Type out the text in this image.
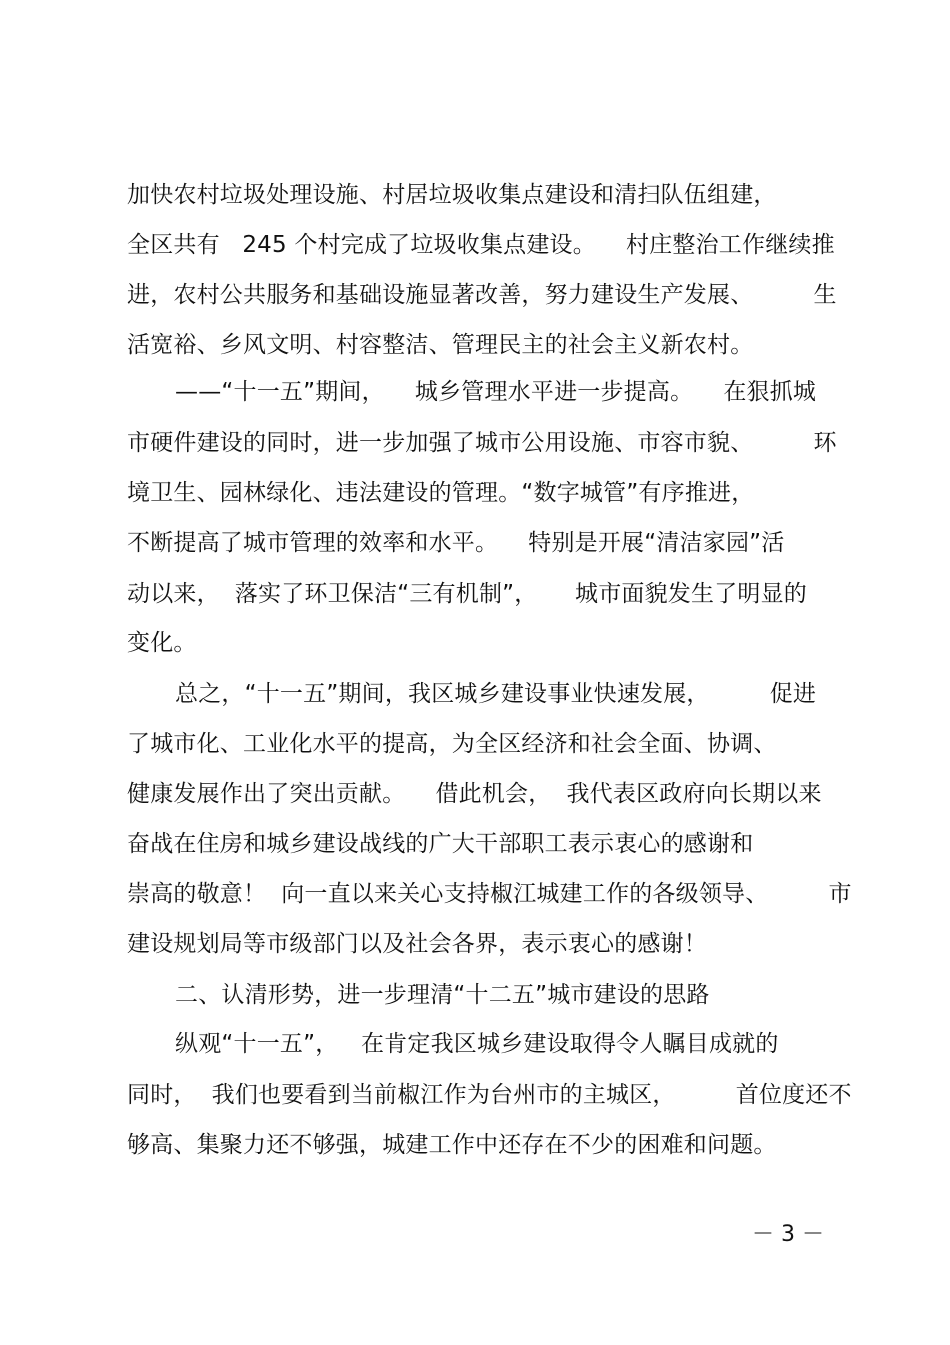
加快农村垃圾处理设施、村居垃圾收集点建设和清扫队伍组建，
全区共有   245 个村完成了垃圾收集点建设。    村庄整治工作继续推
进，农村公共服务和基础设施显著改善，努力建设生产发展、        生
活宽裕、乡风文明、村容整洁、管理民主的社会主义新农村。
——“十一五”期间，    城乡管理水平进一步提高。    在狠抓城
市硬件建设的同时，进一步加强了城市公用设施、市容市貌、        环
境卫生、园林绿化、违法建设的管理。“数字城管”有序推进，
不断提高了城市管理的效率和水平。    特别是开展“清洁家园”活
动以来，  落实了环卫保洁“三有机制”，     城市面貌发生了明显的
变化。
总之，“十一五”期间，我区城乡建设事业快速发展，        促进
了城市化、工业化水平的提高，为全区经济和社会全面、协调、
健康发展作出了突出贡献。    借此机会，  我代表区政府向长期以来
奋战在住房和城乡建设战线的广大干部职工表示衷心的感谢和
崇高的敬意！  向一直以来关心支持椒江城建工作的各级领导、        市
建设规划局等市级部门以及社会各界，表示衷心的感谢！
二、认清形势，进一步理清“十二五”城市建设的思路
纵观“十一五”，   在肯定我区城乡建设取得令人瞩目成就的
同时，  我们也要看到当前椒江作为台州市的主城区，        首位度还不
够高、集聚力还不够强，城建工作中还存在不少的困难和问题。
－ 3 －
